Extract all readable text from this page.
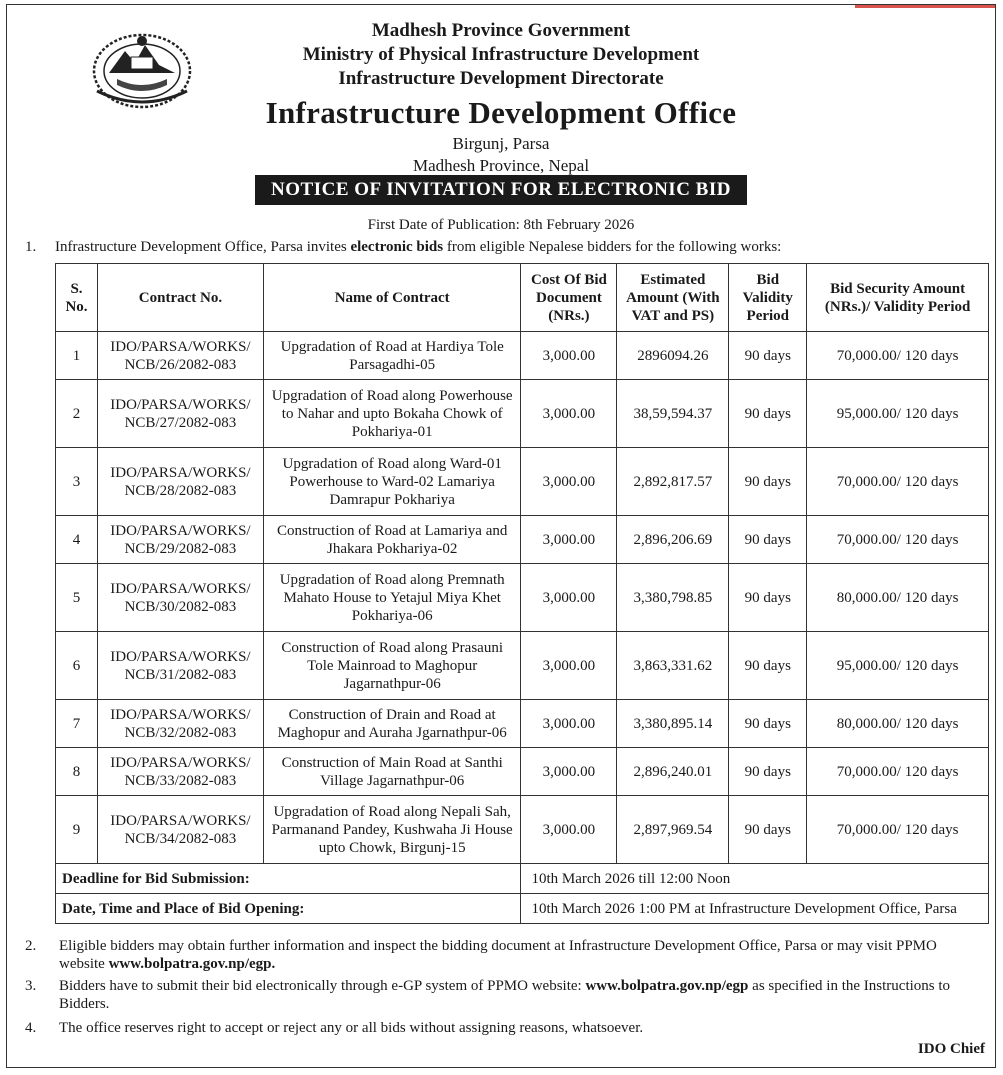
Madhesh Province Government
Ministry of Physical Infrastructure Development
Infrastructure Development Directorate
Infrastructure Development Office
Birgunj, Parsa
Madhesh Province, Nepal
NOTICE OF INVITATION FOR ELECTRONIC BID
First Date of Publication: 8th February 2026
1. Infrastructure Development Office, Parsa invites electronic bids from eligible Nepalese bidders for the following works:
S. No.	Contract No.	Name of Contract	Cost Of Bid Document (NRs.)	Estimated Amount (With VAT and PS)	Bid Validity Period	Bid Security Amount (NRs.)/ Validity Period
1	IDO/PARSA/WORKS/ NCB/26/2082-083	Upgradation of Road at Hardiya Tole Parsagadhi-05	3,000.00	2896094.26	90 days	70,000.00/ 120 days
2	IDO/PARSA/WORKS/ NCB/27/2082-083	Upgradation of Road along Powerhouse to Nahar and upto Bokaha Chowk of Pokhariya-01	3,000.00	38,59,594.37	90 days	95,000.00/ 120 days
3	IDO/PARSA/WORKS/ NCB/28/2082-083	Upgradation of Road along Ward-01 Powerhouse to Ward-02 Lamariya Damrapur Pokhariya	3,000.00	2,892,817.57	90 days	70,000.00/ 120 days
4	IDO/PARSA/WORKS/ NCB/29/2082-083	Construction of Road at Lamariya and Jhakara Pokhariya-02	3,000.00	2,896,206.69	90 days	70,000.00/ 120 days
5	IDO/PARSA/WORKS/ NCB/30/2082-083	Upgradation of Road along Premnath Mahato House to Yetajul Miya Khet Pokhariya-06	3,000.00	3,380,798.85	90 days	80,000.00/ 120 days
6	IDO/PARSA/WORKS/ NCB/31/2082-083	Construction of Road along Prasauni Tole Mainroad to Maghopur Jagarnathpur-06	3,000.00	3,863,331.62	90 days	95,000.00/ 120 days
7	IDO/PARSA/WORKS/ NCB/32/2082-083	Construction of Drain and Road at Maghopur and Auraha Jgarnathpur-06	3,000.00	3,380,895.14	90 days	80,000.00/ 120 days
8	IDO/PARSA/WORKS/ NCB/33/2082-083	Construction of Main Road at Santhi Village Jagarnathpur-06	3,000.00	2,896,240.01	90 days	70,000.00/ 120 days
9	IDO/PARSA/WORKS/ NCB/34/2082-083	Upgradation of Road along Nepali Sah, Parmanand Pandey, Kushwaha Ji House upto Chowk, Birgunj-15	3,000.00	2,897,969.54	90 days	70,000.00/ 120 days
Deadline for Bid Submission:			10th March 2026 till 12:00 Noon			
Date, Time and Place of Bid Opening:			10th March 2026 1:00 PM at Infrastructure Development Office, Parsa			
2. Eligible bidders may obtain further information and inspect the bidding document at Infrastructure Development Office, Parsa or may visit PPMO website www.bolpatra.gov.np/egp.
3. Bidders have to submit their bid electronically through e-GP system of PPMO website: www.bolpatra.gov.np/egp as specified in the Instructions to Bidders.
4. The office reserves right to accept or reject any or all bids without assigning reasons, whatsoever.
IDO Chief
